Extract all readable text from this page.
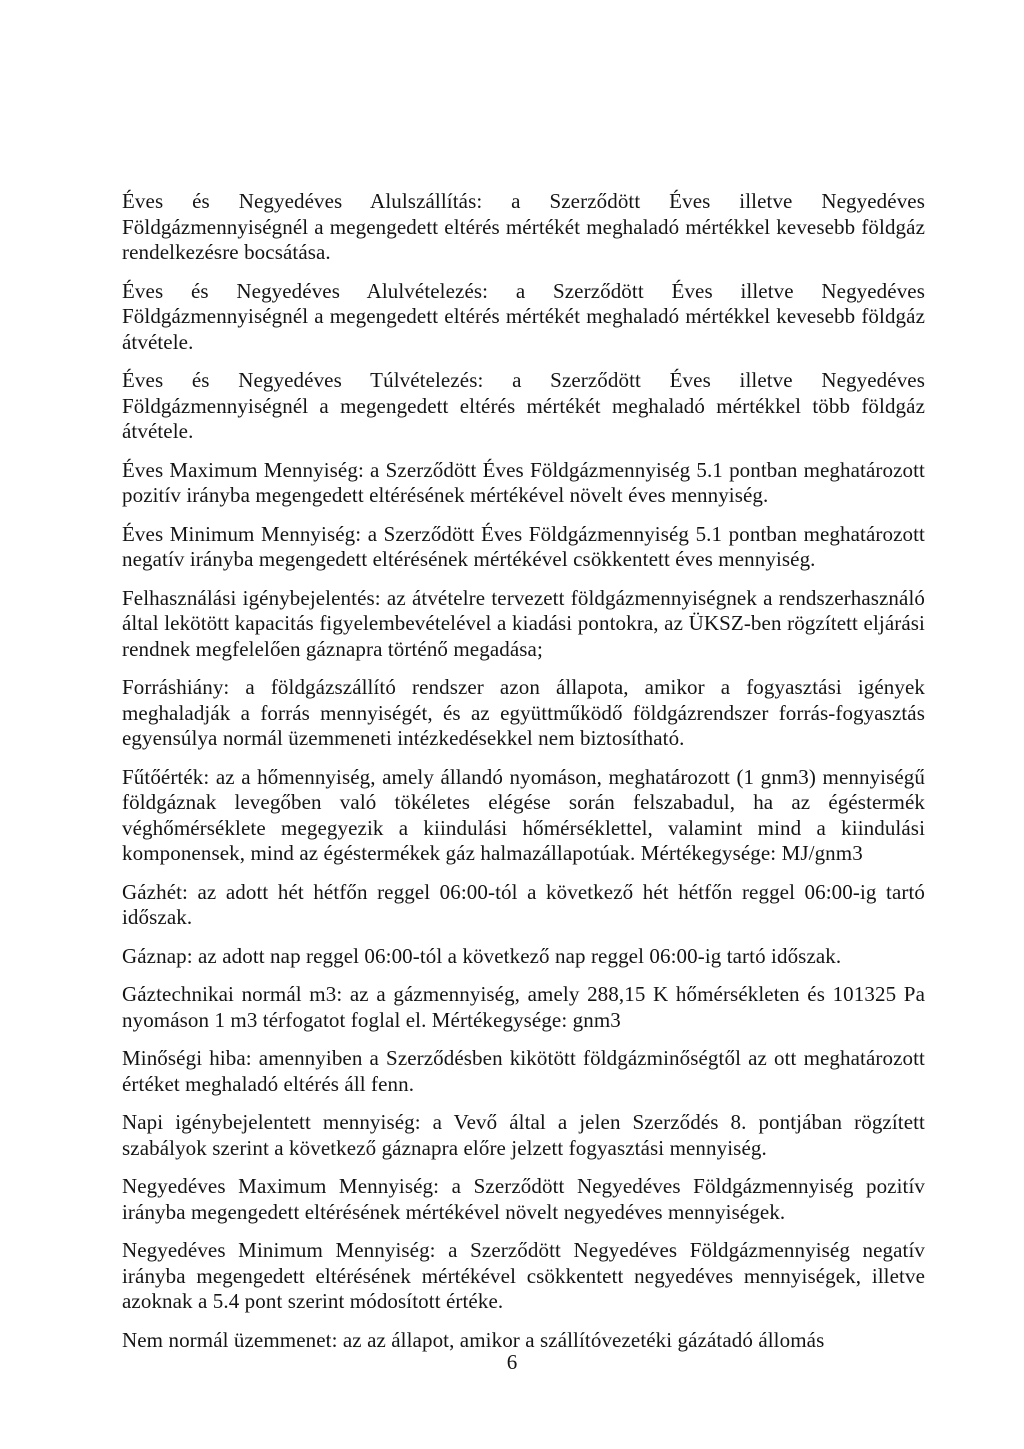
Éves és Negyedéves Alulszállítás: a Szerződött Éves illetve Negyedéves Földgázmennyiségnél a megengedett eltérés mértékét meghaladó mértékkel kevesebb földgáz rendelkezésre bocsátása.

Éves és Negyedéves Alulvételezés: a Szerződött Éves illetve Negyedéves Földgázmennyiségnél a megengedett eltérés mértékét meghaladó mértékkel kevesebb földgáz átvétele.

Éves és Negyedéves Túlvételezés: a Szerződött Éves illetve Negyedéves Földgázmennyiségnél a megengedett eltérés mértékét meghaladó mértékkel több földgáz átvétele.

Éves Maximum Mennyiség: a Szerződött Éves Földgázmennyiség 5.1 pontban meghatározott pozitív irányba megengedett eltérésének mértékével növelt éves mennyiség.

Éves Minimum Mennyiség: a Szerződött Éves Földgázmennyiség 5.1 pontban meghatározott negatív irányba megengedett eltérésének mértékével csökkentett éves mennyiség.

Felhasználási igénybejelentés: az átvételre tervezett földgázmennyiségnek a rendszerhasználó által lekötött kapacitás figyelembevételével a kiadási pontokra, az ÜKSZ-ben rögzített eljárási rendnek megfelelően gáznapra történő megadása;

Forráshiány: a földgázszállító rendszer azon állapota, amikor a fogyasztási igények meghaladják a forrás mennyiségét, és az együttműködő földgázrendszer forrás-fogyasztás egyensúlya normál üzemmeneti intézkedésekkel nem biztosítható.

Fűtőérték: az a hőmennyiség, amely állandó nyomáson, meghatározott (1 gnm3) mennyiségű földgáznak levegőben való tökéletes elégése során felszabadul, ha az égéstermék véghőmérséklete megegyezik a kiindulási hőmérséklettel, valamint mind a kiindulási komponensek, mind az égéstermékek gáz halmazállapotúak. Mértékegysége: MJ/gnm3

Gázhét: az adott hét hétfőn reggel 06:00-tól a következő hét hétfőn reggel 06:00-ig tartó időszak.

Gáznap: az adott nap reggel 06:00-tól a következő nap reggel 06:00-ig tartó időszak.

Gáztechnikai normál m3: az a gázmennyiség, amely 288,15 K hőmérsékleten és 101325 Pa nyomáson 1 m3 térfogatot foglal el. Mértékegysége: gnm3

Minőségi hiba: amennyiben a Szerződésben kikötött földgázminőségtől az ott meghatározott értéket meghaladó eltérés áll fenn.

Napi igénybejelentett mennyiség: a Vevő által a jelen Szerződés 8. pontjában rögzített szabályok szerint a következő gáznapra előre jelzett fogyasztási mennyiség.

Negyedéves Maximum Mennyiség: a Szerződött Negyedéves Földgázmennyiség pozitív irányba megengedett eltérésének mértékével növelt negyedéves mennyiségek.

Negyedéves Minimum Mennyiség: a Szerződött Negyedéves Földgázmennyiség negatív irányba megengedett eltérésének mértékével csökkentett negyedéves mennyiségek, illetve azoknak a 5.4 pont szerint módosított értéke.

Nem normál üzemmenet: az az állapot, amikor a szállítóvezetéki gázátadó állomás

6
